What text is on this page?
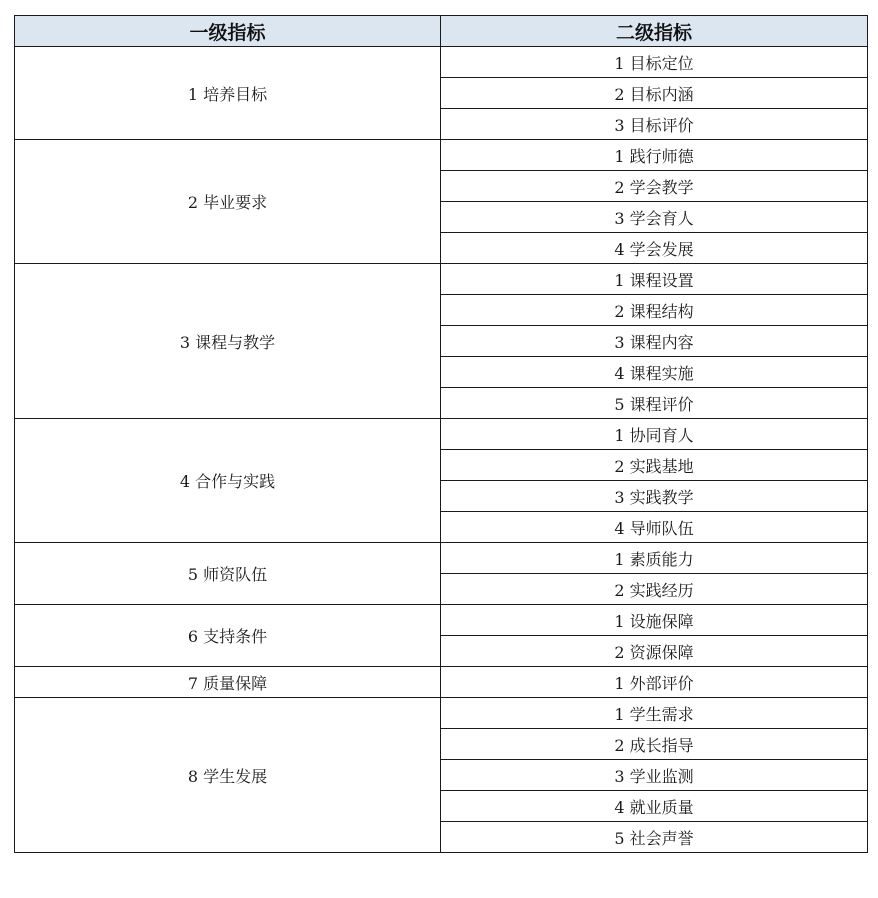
一级指标	二级指标
1 培养目标	1 目标定位
	2 目标内涵
	3 目标评价
2 毕业要求	1 践行师德
	2 学会教学
	3 学会育人
	4 学会发展
3 课程与教学	1 课程设置
	2 课程结构
	3 课程内容
	4 课程实施
	5 课程评价
4 合作与实践	1 协同育人
	2 实践基地
	3 实践教学
	4 导师队伍
5 师资队伍	1 素质能力
	2 实践经历
6 支持条件	1 设施保障
	2 资源保障
7 质量保障	1 外部评价
8 学生发展	1 学生需求
	2 成长指导
	3 学业监测
	4 就业质量
	5 社会声誉
